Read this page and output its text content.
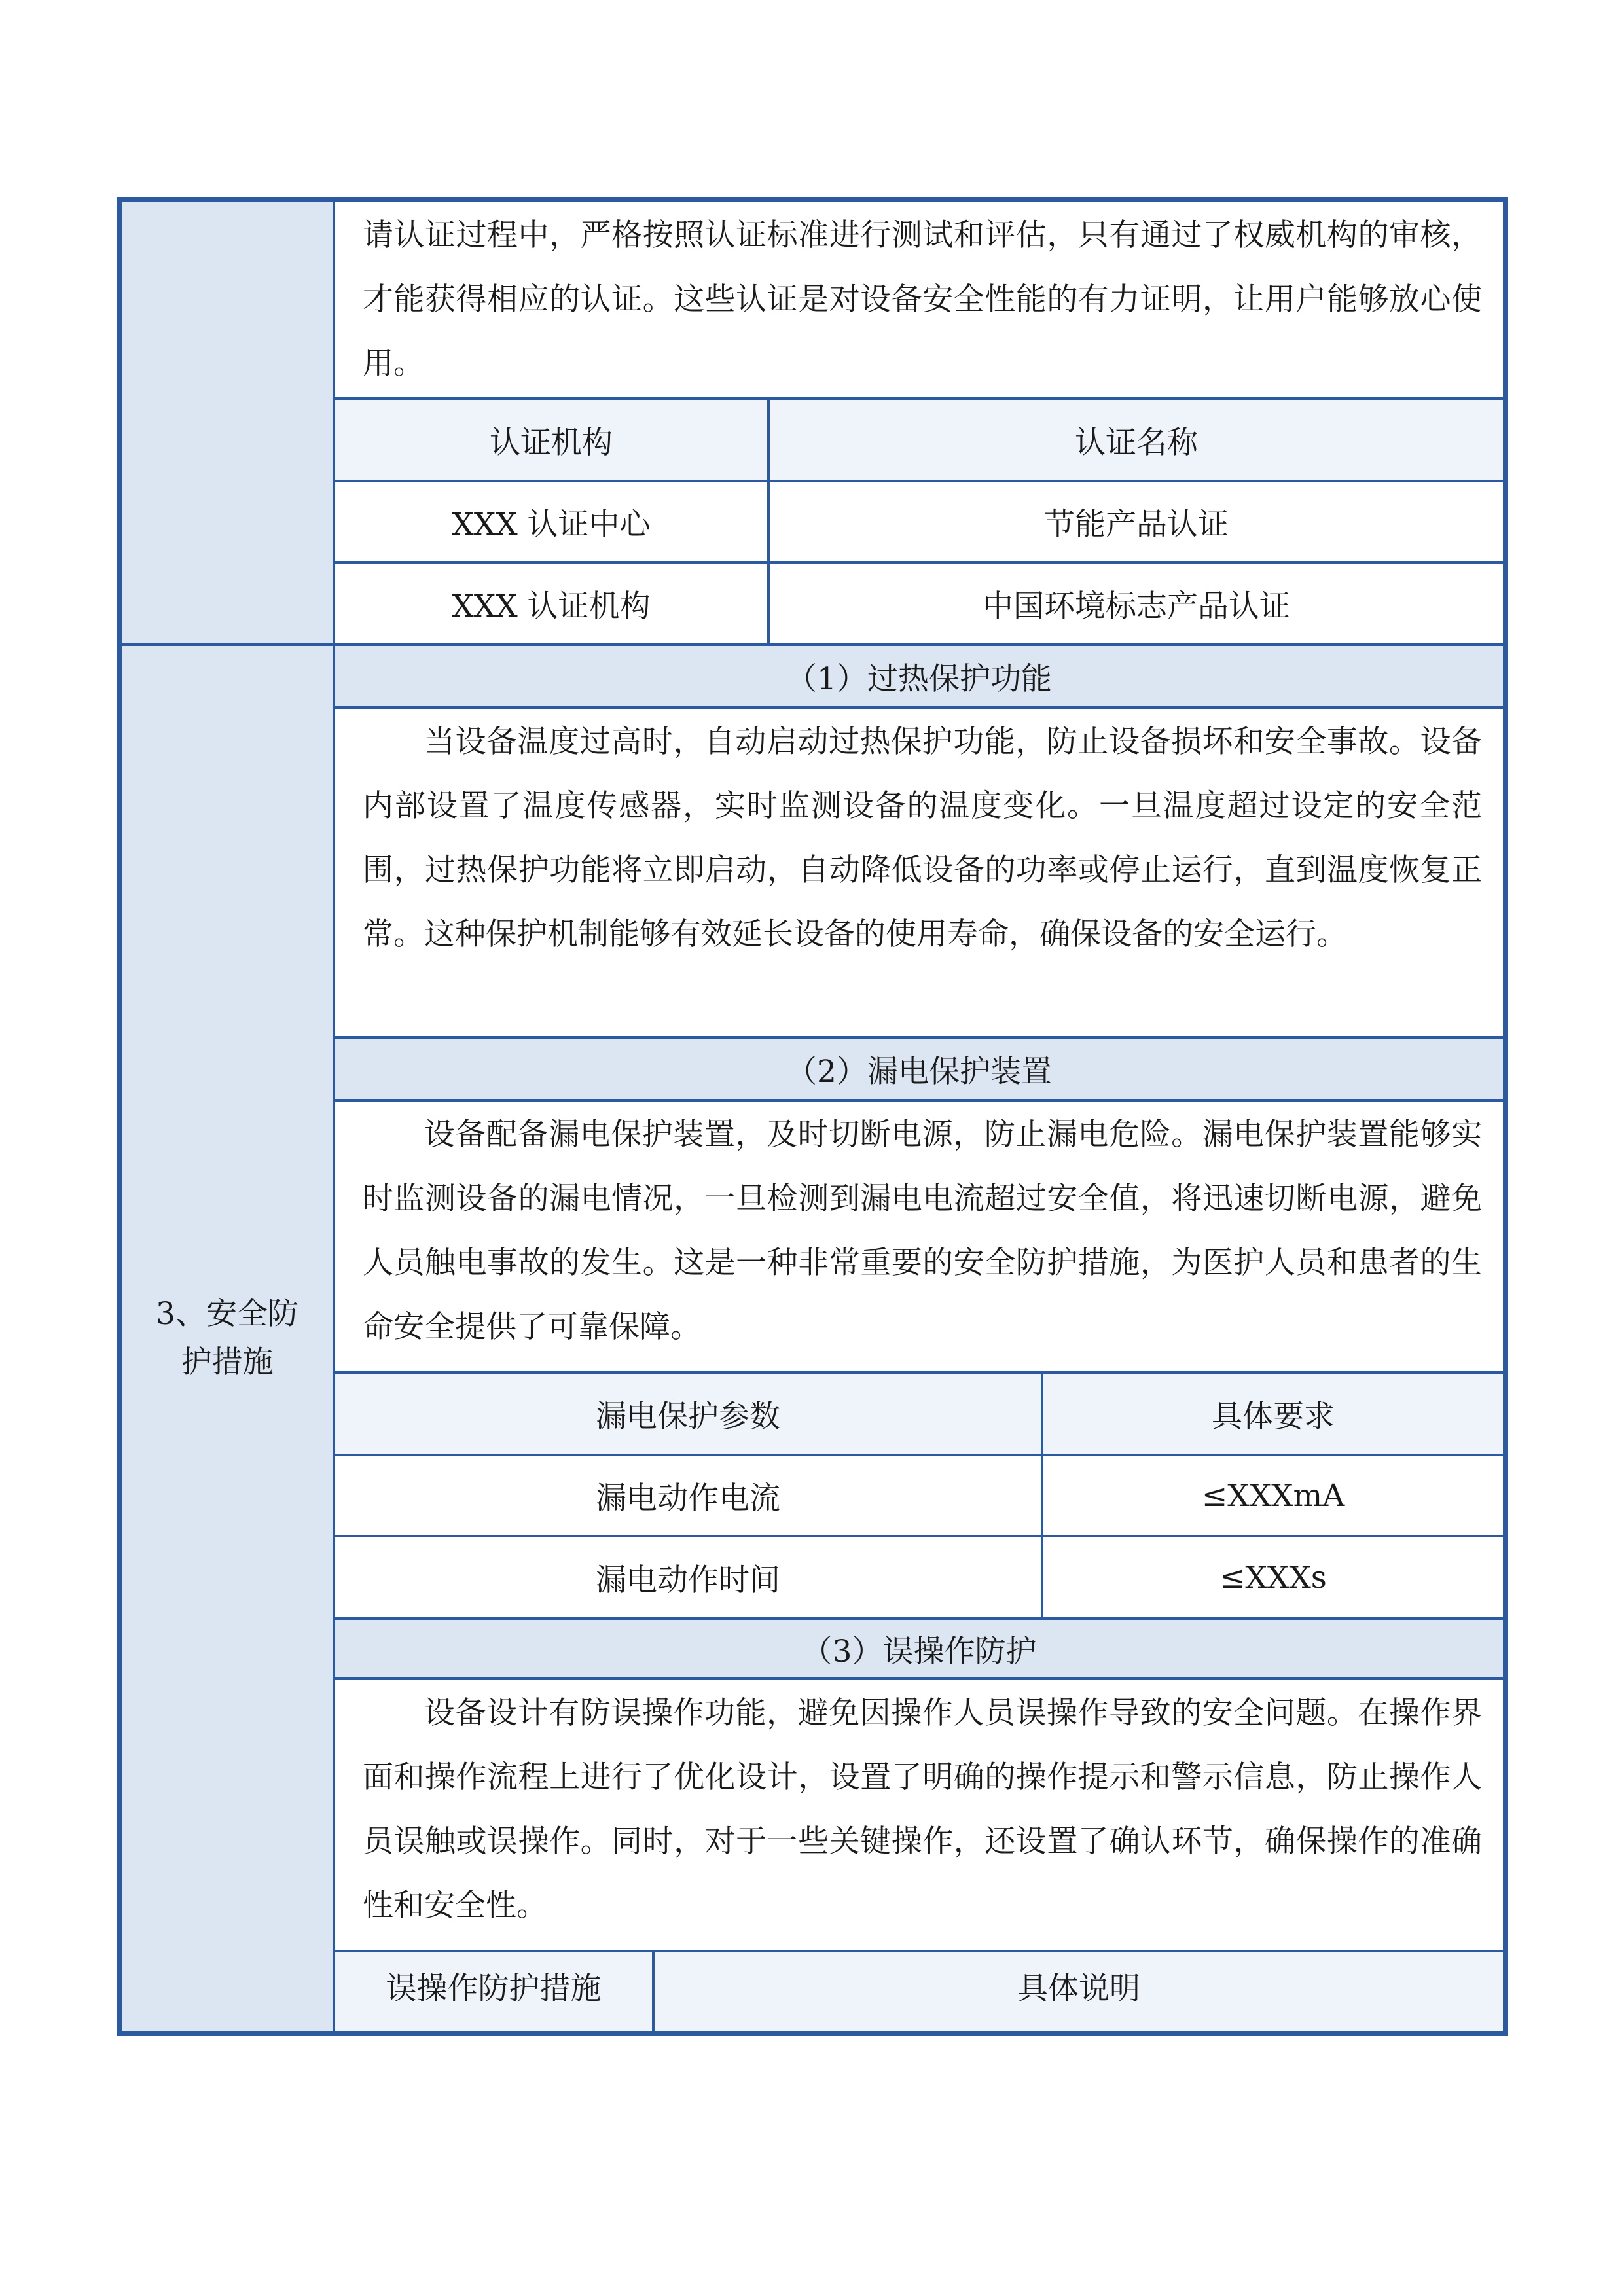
请认证过程中，严格按照认证标准进行测试和评估，只有通过了权威机构的审核，才能获得相应的认证。这些认证是对设备安全性能的有力证明，让用户能够放心使用。
认证机构	认证名称
XXX 认证中心	节能产品认证
XXX 认证机构	中国环境标志产品认证
3、安全防
护措施
（1）过热保护功能
当设备温度过高时，自动启动过热保护功能，防止设备损坏和安全事故。设备内部设置了温度传感器，实时监测设备的温度变化。一旦温度超过设定的安全范围，过热保护功能将立即启动，自动降低设备的功率或停止运行，直到温度恢复正常。这种保护机制能够有效延长设备的使用寿命，确保设备的安全运行。
（2）漏电保护装置
设备配备漏电保护装置，及时切断电源，防止漏电危险。漏电保护装置能够实时监测设备的漏电情况，一旦检测到漏电电流超过安全值，将迅速切断电源，避免人员触电事故的发生。这是一种非常重要的安全防护措施，为医护人员和患者的生命安全提供了可靠保障。
漏电保护参数	具体要求
漏电动作电流	≤XXXmA
漏电动作时间	≤XXXs
（3）误操作防护
设备设计有防误操作功能，避免因操作人员误操作导致的安全问题。在操作界面和操作流程上进行了优化设计，设置了明确的操作提示和警示信息，防止操作人员误触或误操作。同时，对于一些关键操作，还设置了确认环节，确保操作的准确性和安全性。
误操作防护措施	具体说明
